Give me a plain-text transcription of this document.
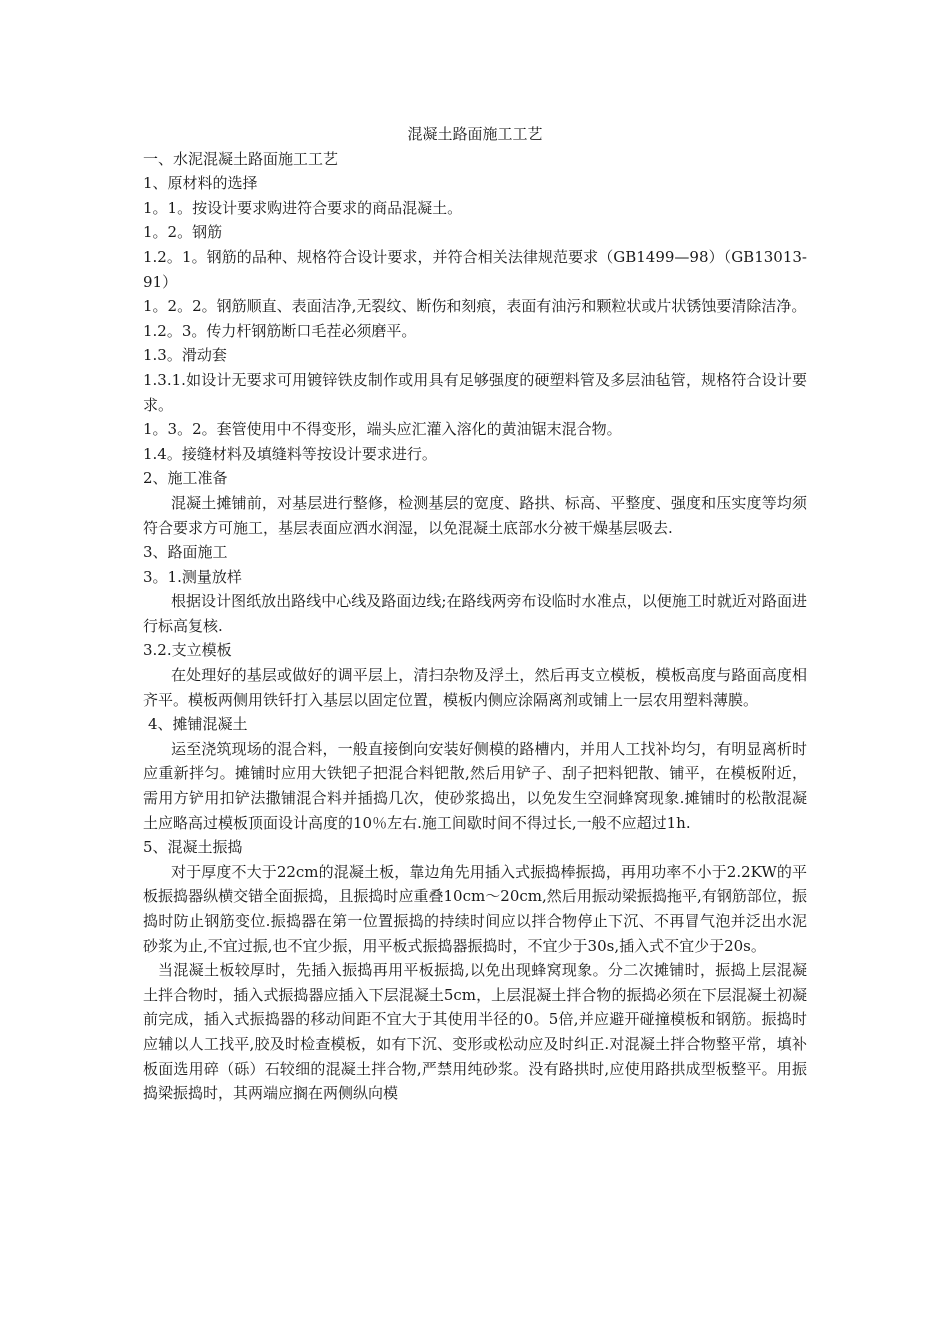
混凝土路面施工工艺

一、水泥混凝土路面施工工艺

1、原材料的选择

1。1。按设计要求购进符合要求的商品混凝土。

1。2。钢筋

1.2。1。钢筋的品种、规格符合设计要求，并符合相关法律规范要求（GB1499—98）（GB13013-91）

1。2。2。钢筋顺直、表面洁净,无裂纹、断伤和刻痕，表面有油污和颗粒状或片状锈蚀要清除洁净。

1.2。3。传力杆钢筋断口毛茬必须磨平。

1.3。滑动套

1.3.1.如设计无要求可用镀锌铁皮制作或用具有足够强度的硬塑料管及多层油毡管，规格符合设计要求。

1。3。2。套管使用中不得变形，端头应汇灌入溶化的黄油锯末混合物。

1.4。接缝材料及填缝料等按设计要求进行。

2、施工准备

混凝土摊铺前，对基层进行整修，检测基层的宽度、路拱、标高、平整度、强度和压实度等均须符合要求方可施工，基层表面应洒水润湿，以免混凝土底部水分被干燥基层吸去.

3、路面施工

3。1.测量放样

根据设计图纸放出路线中心线及路面边线;在路线两旁布设临时水准点，以便施工时就近对路面进行标高复核.

3.2.支立模板

在处理好的基层或做好的调平层上，清扫杂物及浮土，然后再支立模板，模板高度与路面高度相齐平。模板两侧用铁钎打入基层以固定位置，模板内侧应涂隔离剂或铺上一层农用塑料薄膜。

4、摊铺混凝土

运至浇筑现场的混合料，一般直接倒向安装好侧模的路槽内，并用人工找补均匀，有明显离析时应重新拌匀。摊铺时应用大铁钯子把混合料钯散,然后用铲子、刮子把料钯散、铺平，在模板附近，需用方铲用扣铲法撒铺混合料并插捣几次，使砂浆捣出，以免发生空洞蜂窝现象.摊铺时的松散混凝土应略高过模板顶面设计高度的10％左右.施工间歇时间不得过长,一般不应超过1h.

5、混凝土振捣

对于厚度不大于22cm的混凝土板，靠边角先用插入式振捣棒振捣，再用功率不小于2.2KW的平板振捣器纵横交错全面振捣，且振捣时应重叠10cm～20cm,然后用振动梁振捣拖平,有钢筋部位，振捣时防止钢筋变位.振捣器在第一位置振捣的持续时间应以拌合物停止下沉、不再冒气泡并泛出水泥砂浆为止,不宜过振,也不宜少振，用平板式振捣器振捣时，不宜少于30s,插入式不宜少于20s。

当混凝土板较厚时，先插入振捣再用平板振捣,以免出现蜂窝现象。分二次摊铺时，振捣上层混凝土拌合物时，插入式振捣器应插入下层混凝土5cm，上层混凝土拌合物的振捣必须在下层混凝土初凝前完成，插入式振捣器的移动间距不宜大于其使用半径的0。5倍,并应避开碰撞模板和钢筋。振捣时应辅以人工找平,胶及时检查模板，如有下沉、变形或松动应及时纠正.对混凝土拌合物整平常，填补板面选用碎（砾）石较细的混凝土拌合物,严禁用纯砂浆。没有路拱时,应使用路拱成型板整平。用振捣梁振捣时，其两端应搁在两侧纵向模
